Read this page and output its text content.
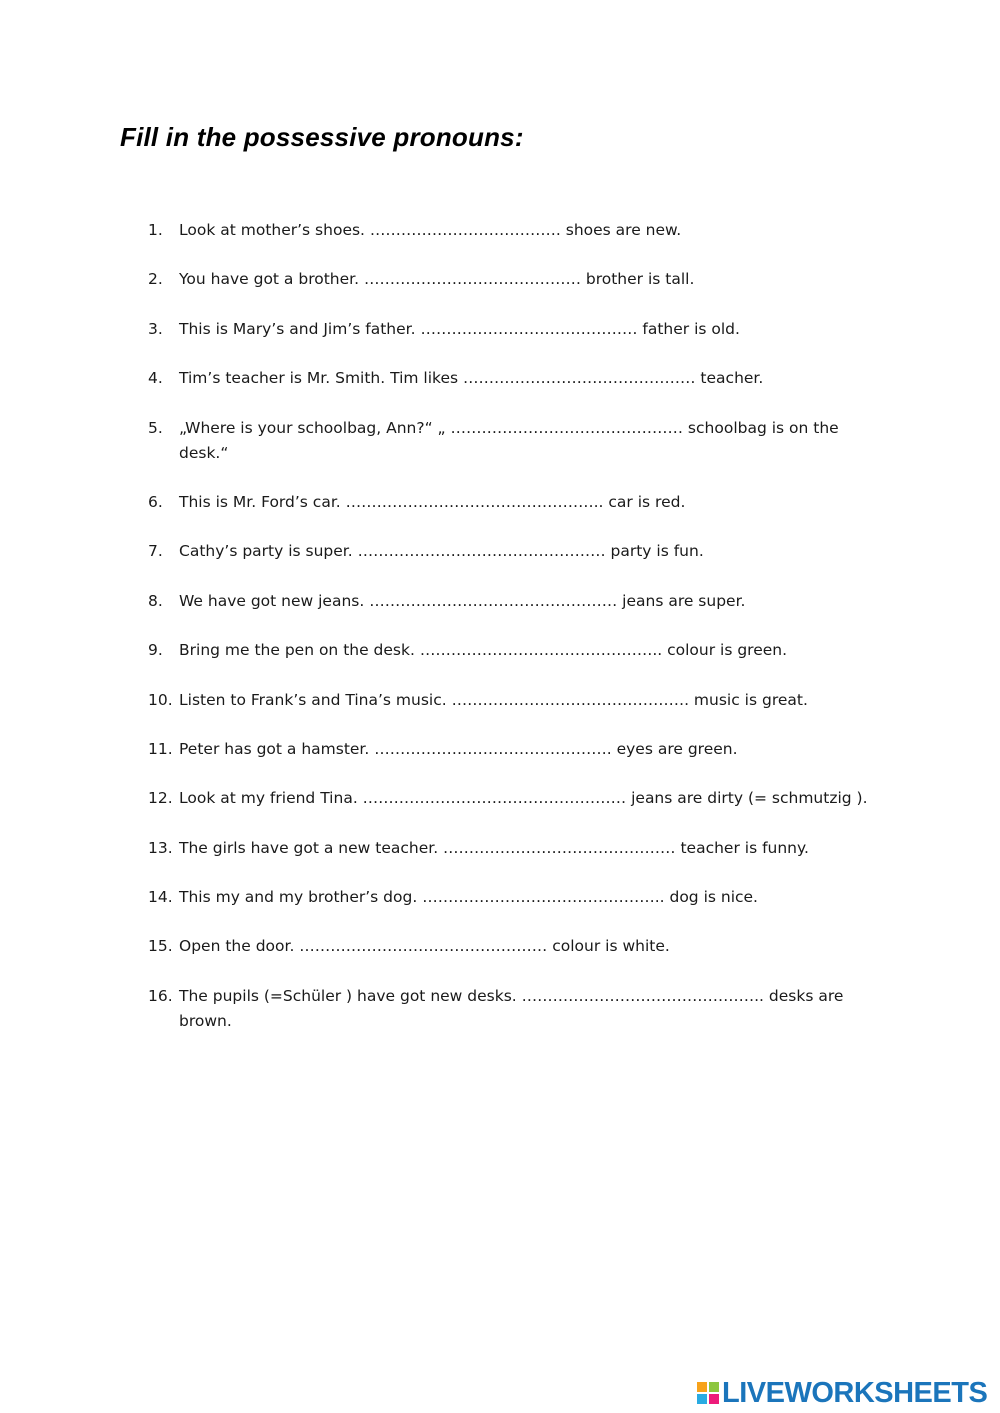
Fill in the possessive pronouns:
1.	Look at mother’s shoes. ………………………………. shoes are new.
2.	You have got a brother. …………………………………… brother is tall.
3.	This is Mary’s and Jim’s father. …………………………………… father is old.
4.	Tim’s teacher is Mr. Smith. Tim likes ……………………………………… teacher.
5.	„Where is your schoolbag, Ann?“ „ ……………………………………… schoolbag is on the desk.“
6.	This is Mr. Ford’s car. ………………………………………….. car is red.
7.	Cathy’s party is super. ………………………………………… party is fun.
8.	We have got new jeans. ………………………………………… jeans are super.
9.	Bring me the pen on the desk. ……………………………………….. colour is green.
10. Listen to Frank’s and Tina’s music. ………………………………………. music is great.
11. Peter has got a hamster. ………………………………………. eyes are green.
12. Look at my friend Tina. …………………………………………… jeans are dirty (= schmutzig ).
13. The girls have got a new teacher. ……………………………………… teacher is funny.
14. This my and my brother’s dog. ……………………………………….. dog is nice.
15. Open the door. ………………………………………… colour is white.
16. The pupils (=Schüler ) have got new desks. ……………………………………….. desks are brown.
LIVEWORKSHEETS
